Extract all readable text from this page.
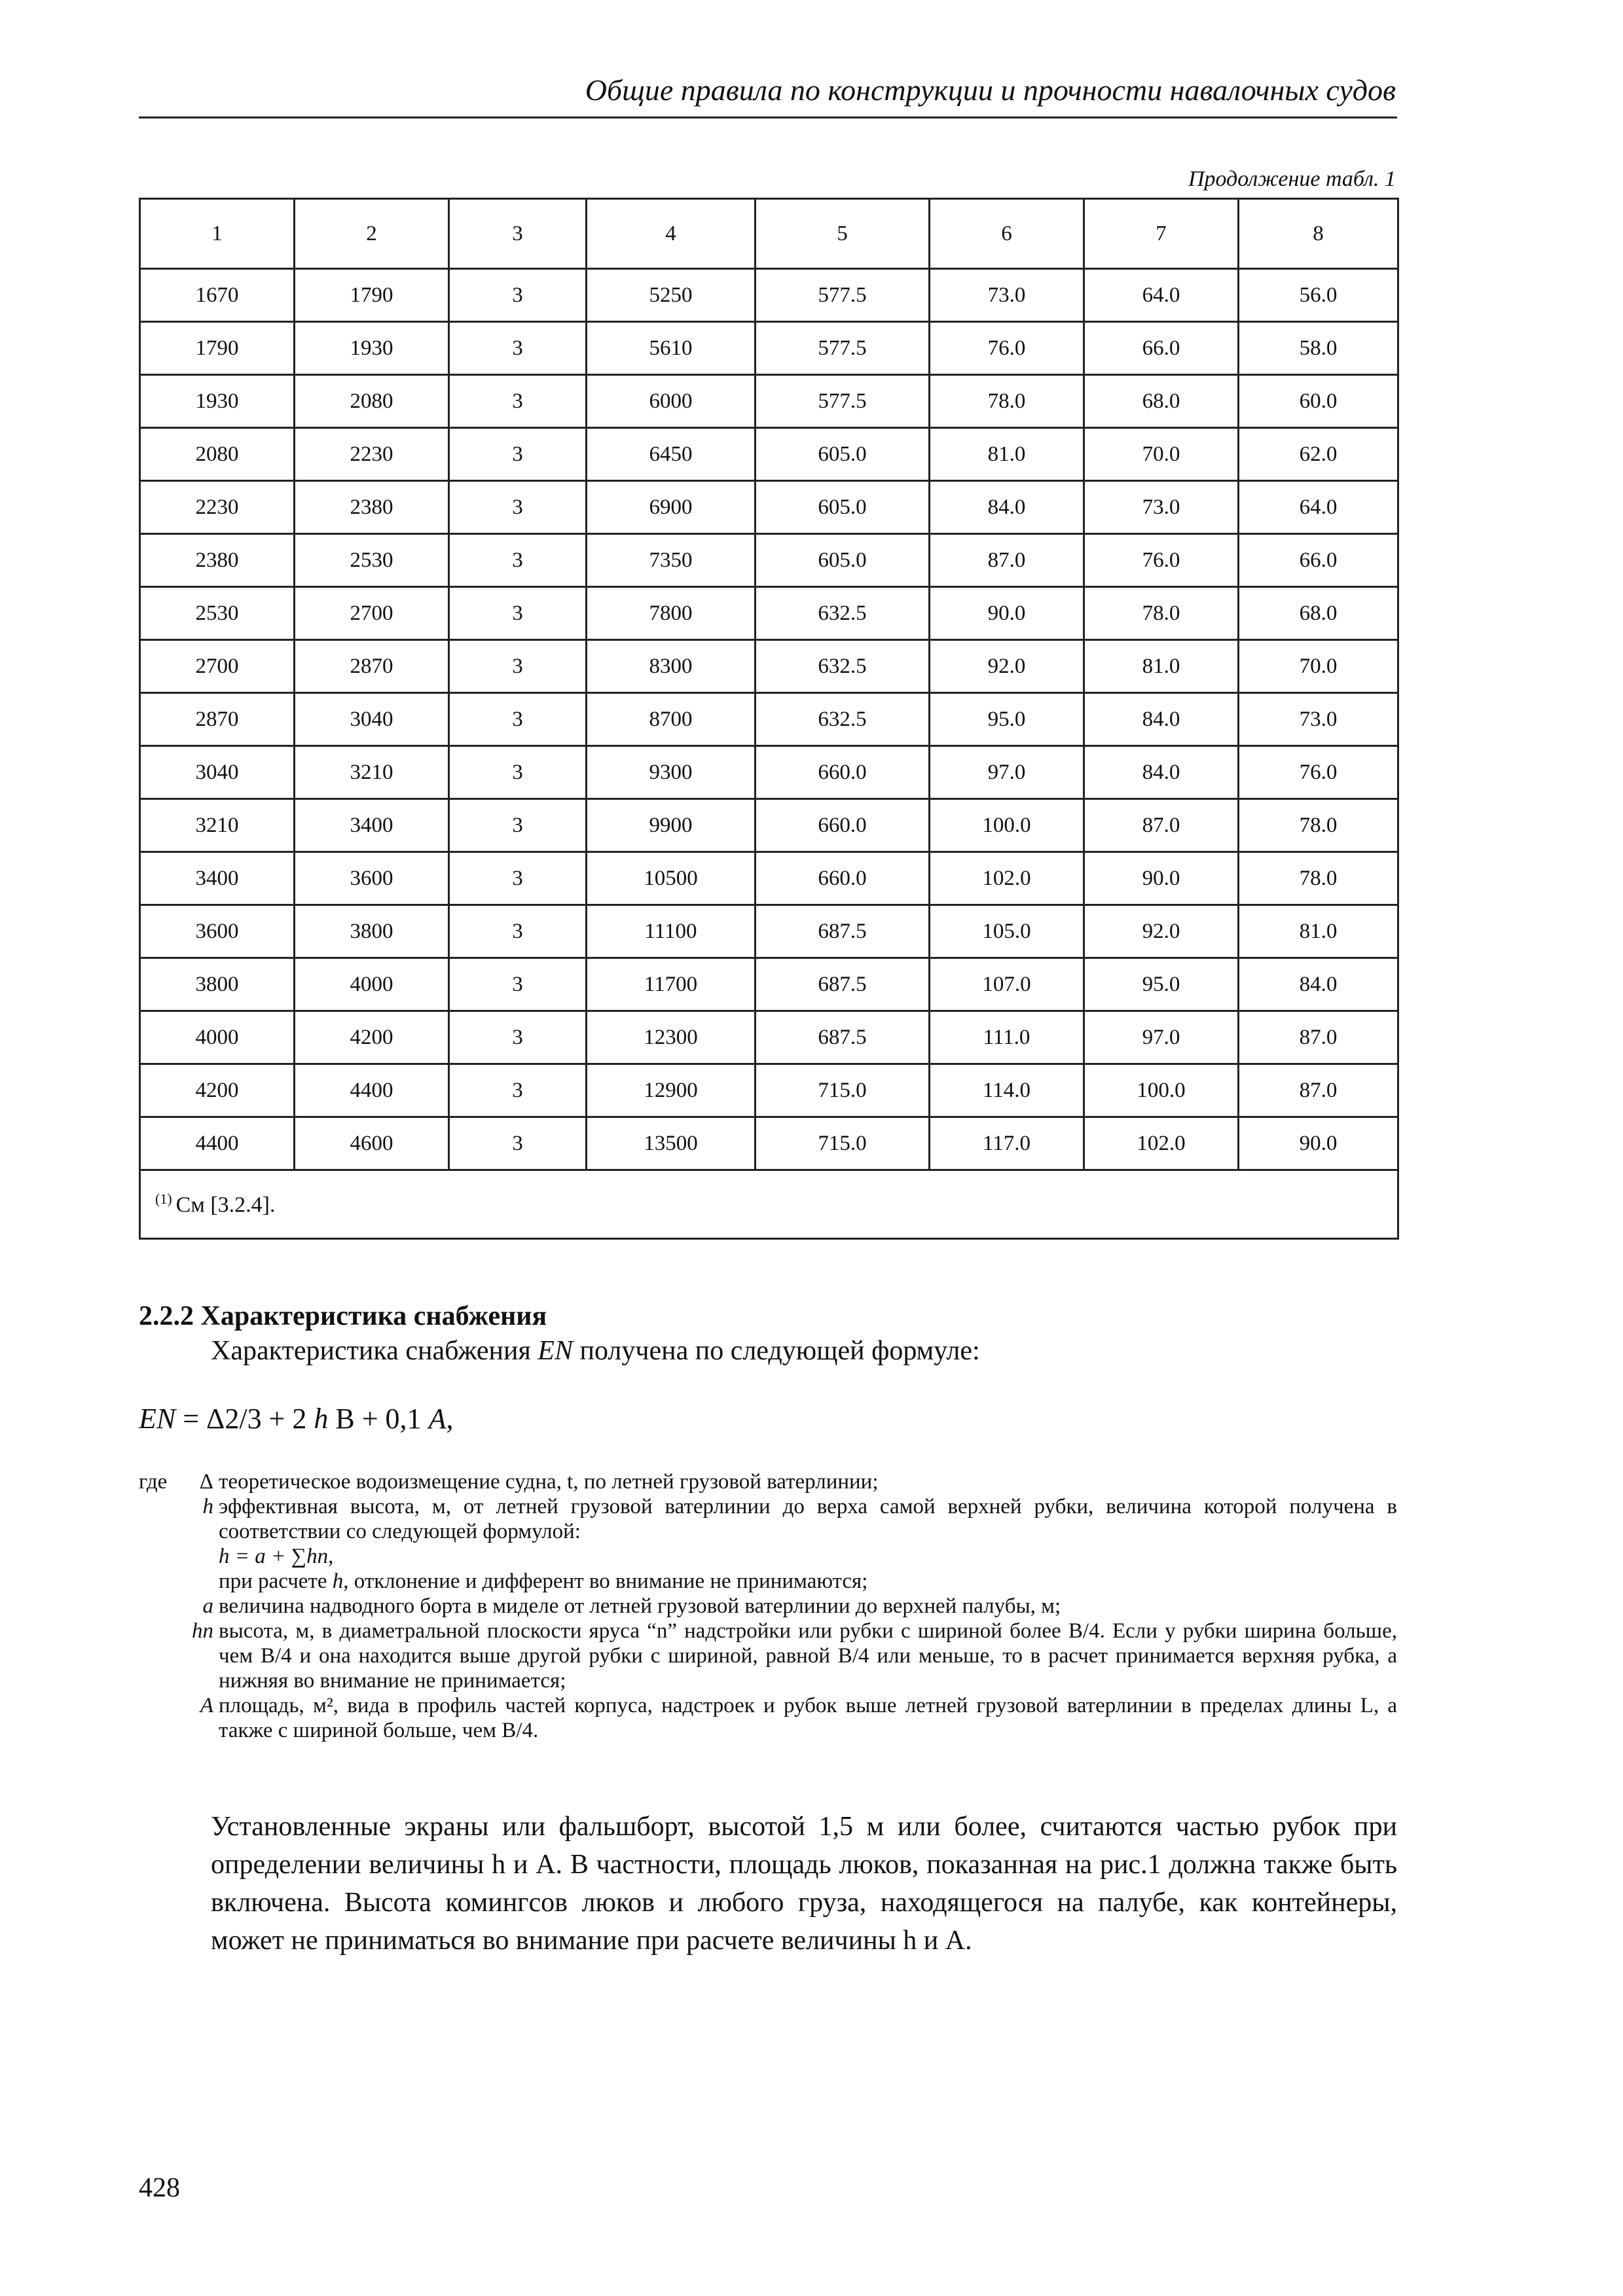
Общие правила по конструкции и прочности навалочных судов
Продолжение табл. 1
1	2	3	4	5	6	7	8
1670	1790	3	5250	577.5	73.0	64.0	56.0
1790	1930	3	5610	577.5	76.0	66.0	58.0
1930	2080	3	6000	577.5	78.0	68.0	60.0
2080	2230	3	6450	605.0	81.0	70.0	62.0
2230	2380	3	6900	605.0	84.0	73.0	64.0
2380	2530	3	7350	605.0	87.0	76.0	66.0
2530	2700	3	7800	632.5	90.0	78.0	68.0
2700	2870	3	8300	632.5	92.0	81.0	70.0
2870	3040	3	8700	632.5	95.0	84.0	73.0
3040	3210	3	9300	660.0	97.0	84.0	76.0
3210	3400	3	9900	660.0	100.0	87.0	78.0
3400	3600	3	10500	660.0	102.0	90.0	78.0
3600	3800	3	11100	687.5	105.0	92.0	81.0
3800	4000	3	11700	687.5	107.0	95.0	84.0
4000	4200	3	12300	687.5	111.0	97.0	87.0
4200	4400	3	12900	715.0	114.0	100.0	87.0
4400	4600	3	13500	715.0	117.0	102.0	90.0
$^{(1)}$ См [3.2.4].							
2.2.2 Характеристика снабжения
Характеристика снабжения EN получена по следующей формуле:
EN = Δ2/3 + 2 h B + 0,1 A,
где	Δ теоретическое водоизмещение судна, t, по летней грузовой ватерлинии;
h эффективная высота, м, от летней грузовой ватерлинии до верха самой верхней рубки, величина которой получена в соответствии со следующей формулой:
h = a + ∑hn,
при расчете h, отклонение и дифферент во внимание не принимаются;
a величина надводного борта в миделе от летней грузовой ватерлинии до верхней палубы, м;
hn высота, м, в диаметральной плоскости яруса “n” надстройки или рубки с шириной более B/4. Если у рубки ширина больше, чем B/4 и она находится выше другой рубки с шириной, равной B/4 или меньше, то в расчет принимается верхняя рубка, а нижняя во внимание не принимается;
A площадь, м², вида в профиль частей корпуса, надстроек и рубок выше летней грузовой ватерлинии в пределах длины L, а также с шириной больше, чем B/4.
Установленные экраны или фальшборт, высотой 1,5 м или более, считаются частью рубок при определении величины h и A. В частности, площадь люков, показанная на рис.1 должна также быть включена. Высота комингсов люков и любого груза, находящегося на палубе, как контейнеры, может не приниматься во внимание при расчете величины h и A.
428
